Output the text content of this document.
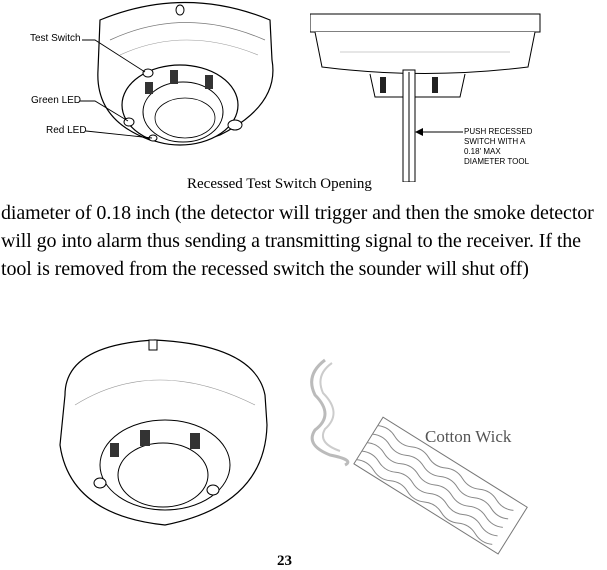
Test Switch
Green LED
Red LED	PUSH RECESSED
SWITCH WITH A
0.18' MAX
DIAMETER TOOL
Recessed Test Switch Opening
diameter of 0.18 inch (the detector will trigger and then the smoke detector will go into alarm thus sending a transmitting signal to the receiver. If the tool is removed from the recessed switch the sounder will shut off)
Cotton Wick
23
